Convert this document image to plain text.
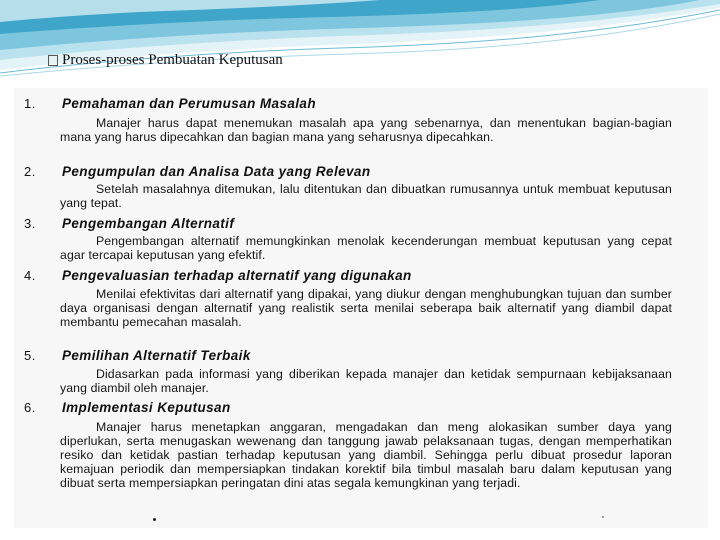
Proses-proses Pembuatan Keputusan
1. Pemahaman dan Perumusan Masalah
Manajer harus dapat menemukan masalah apa yang sebenarnya, dan menentukan bagian-bagian mana yang harus dipecahkan dan bagian mana yang seharusnya dipecahkan.
2. Pengumpulan dan Analisa Data yang Relevan
Setelah masalahnya ditemukan, lalu ditentukan dan dibuatkan rumusannya untuk membuat keputusan yang tepat.
3. Pengembangan Alternatif
Pengembangan alternatif memungkinkan menolak kecenderungan membuat keputusan yang cepat agar tercapai keputusan yang efektif.
4. Pengevaluasian terhadap alternatif yang digunakan
Menilai efektivitas dari alternatif yang dipakai, yang diukur dengan menghubungkan tujuan dan sumber daya organisasi dengan alternatif yang realistik serta menilai seberapa baik alternatif yang diambil dapat membantu pemecahan masalah.
5. Pemilihan Alternatif Terbaik
Didasarkan pada informasi yang diberikan kepada manajer dan ketidak sempurnaan kebijaksanaan yang diambil oleh manajer.
6. Implementasi Keputusan
Manajer harus menetapkan anggaran, mengadakan dan meng alokasikan sumber daya yang diperlukan, serta menugaskan wewenang dan tanggung jawab pelaksanaan tugas, dengan memperhatikan resiko dan ketidak pastian terhadap keputusan yang diambil. Sehingga perlu dibuat prosedur laporan kemajuan periodik dan mempersiapkan tindakan korektif bila timbul masalah baru dalam keputusan yang dibuat serta mempersiapkan peringatan dini atas segala kemungkinan yang terjadi.
